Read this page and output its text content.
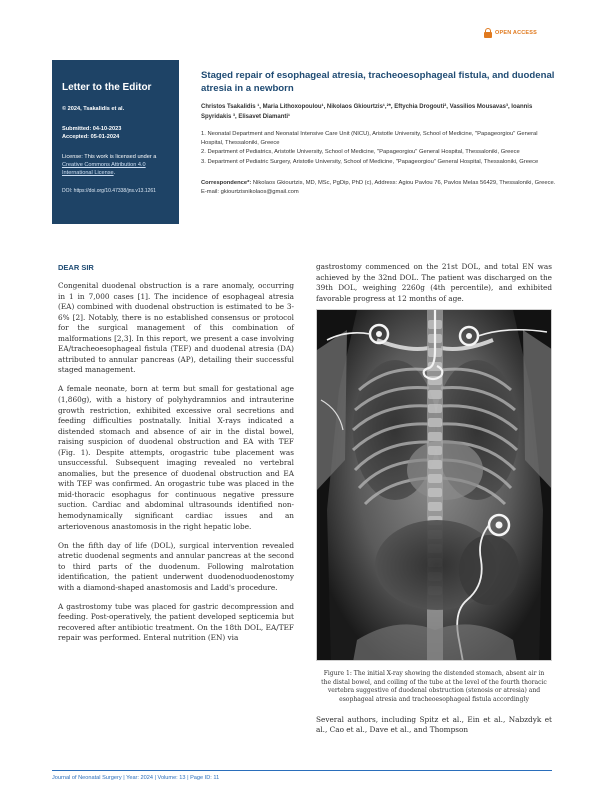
OPEN ACCESS
Letter to the Editor
© 2024, Tsakalidis et al.
Submitted: 04-10-2023
Accepted: 05-01-2024
License: This work is licensed under a Creative Commons Attribution 4.0 International License.
DOI: https://doi.org/10.47338/jns.v13.1261
Staged repair of esophageal atresia, tracheoesophageal fistula, and duodenal atresia in a newborn
Christos Tsakalidis ¹, Maria Lithoxopoulou¹, Nikolaos Gkiourtzis¹,²*, Eftychia Drogouti², Vassilios Mousavas³, Ioannis Spyridakis ³, Elisavet Diamanti¹

1. Neonatal Department and Neonatal Intensive Care Unit (NICU), Aristotle University, School of Medicine, "Papageorgiou" General Hospital, Thessaloniki, Greece

2. Department of Pediatrics, Aristotle University, School of Medicine, "Papageorgiou" General Hospital, Thessaloniki, Greece

3. Department of Pediatric Surgery, Aristotle University, School of Medicine, "Papageorgiou" General Hospital, Thessaloniki, Greece

Correspondence*: Nikolaos Gkiourtzis, MD, MSc, PgDip, PhD (c), Address: Agiou Pavlou 76, Pavlos Melas 56429, Thessaloniki, Greece. E-mail: gkiourtzisnikolaos@gmail.com
DEAR SIR

Congenital duodenal obstruction is a rare anomaly, occurring in 1 in 7,000 cases [1]. The incidence of esophageal atresia (EA) combined with duodenal obstruction is estimated to be 3-6% [2]. Notably, there is no established consensus or protocol for the surgical management of this combination of malformations [2,3]. In this report, we present a case involving EA/tracheoesophageal fistula (TEF) and duodenal atresia (DA) attributed to annular pancreas (AP), detailing their successful staged management.

A female neonate, born at term but small for gestational age (1,860g), with a history of polyhydramnios and intrauterine growth restriction, exhibited excessive oral secretions and feeding difficulties postnatally. Initial X-rays indicated a distended stomach and absence of air in the distal bowel, raising suspicion of duodenal obstruction and EA with TEF (Fig. 1). Despite attempts, orogastric tube placement was unsuccessful. Subsequent imaging revealed no vertebral anomalies, but the presence of duodenal obstruction and EA with TEF was confirmed. An orogastric tube was placed in the mid-thoracic esophagus for continuous negative pressure suction. Cardiac and abdominal ultrasounds identified non-hemodynamically significant cardiac issues and an arteriovenous anastomosis in the right hepatic lobe.

On the fifth day of life (DOL), surgical intervention revealed atretic duodenal segments and annular pancreas at the second to third parts of the duodenum. Following malrotation identification, the patient underwent duodenoduodenostomy with a diamond-shaped anastomosis and Ladd's procedure.

A gastrostomy tube was placed for gastric decompression and feeding. Post-operatively, the patient developed septicemia but recovered after antibiotic treatment. On the 18th DOL, EA/TEF repair was performed. Enteral nutrition (EN) via

gastrostomy commenced on the 21st DOL, and total EN was achieved by the 32nd DOL. The patient was discharged on the 39th DOL, weighing 2260g (4th percentile), and exhibited favorable progress at 12 months of age.

Figure 1: The initial X-ray showing the distended stomach, absent air in the distal bowel, and coiling of the tube at the level of the fourth thoracic vertebra suggestive of duodenal obstruction (stenosis or atresia) and esophageal atresia and tracheoesophageal fistula accordingly

Several authors, including Spitz et al., Ein et al., Nabzdyk et al., Cao et al., Dave et al., and Thompson

Journal of Neonatal Surgery | Year: 2024 | Volume: 13 | Page ID: 11
